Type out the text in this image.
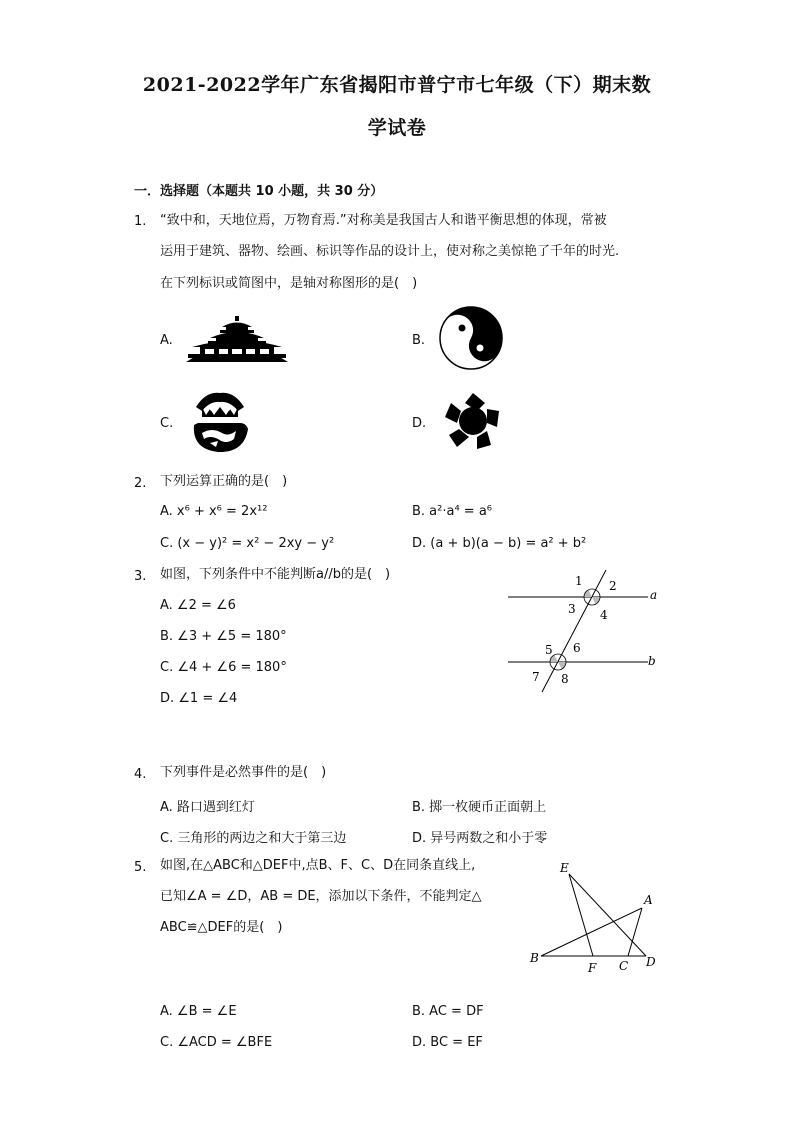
2021-2022学年广东省揭阳市普宁市七年级（下）期末数
学试卷
一．选择题（本题共 10 小题，共 30 分）
1. “致中和，天地位焉，万物育焉.”对称美是我国古人和谐平衡思想的体现，常被
运用于建筑、器物、绘画、标识等作品的设计上，使对称之美惊艳了千年的时光.
在下列标识或简图中，是轴对称图形的是(　)
A.	B.
C.	D.
2. 下列运算正确的是(　)
A. x⁶ + x⁶ = 2x¹²	B. a²·a⁴ = a⁶
C. (x − y)² = x² − 2xy − y²	D. (a + b)(a − b) = a² + b²
3. 如图，下列条件中不能判断a//b的是(　)
A. ∠2 = ∠6
B. ∠3 + ∠5 = 180°
C. ∠4 + ∠6 = 180°
D. ∠1 = ∠4
1 2
3 4
a
5 6
7 8
b
4. 下列事件是必然事件的是(　)
A. 路口遇到红灯	B. 掷一枚硬币正面朝上
C. 三角形的两边之和大于第三边	D. 异号两数之和小于零
5. 如图,在△ABC和△DEF中,点B、F、C、D在同条直线上,
已知∠A = ∠D，AB = DE，添加以下条件，不能判定△
ABC≌△DEF的是(　)
E
A
B
F C D
A. ∠B = ∠E	B. AC = DF
C. ∠ACD = ∠BFE	D. BC = EF
